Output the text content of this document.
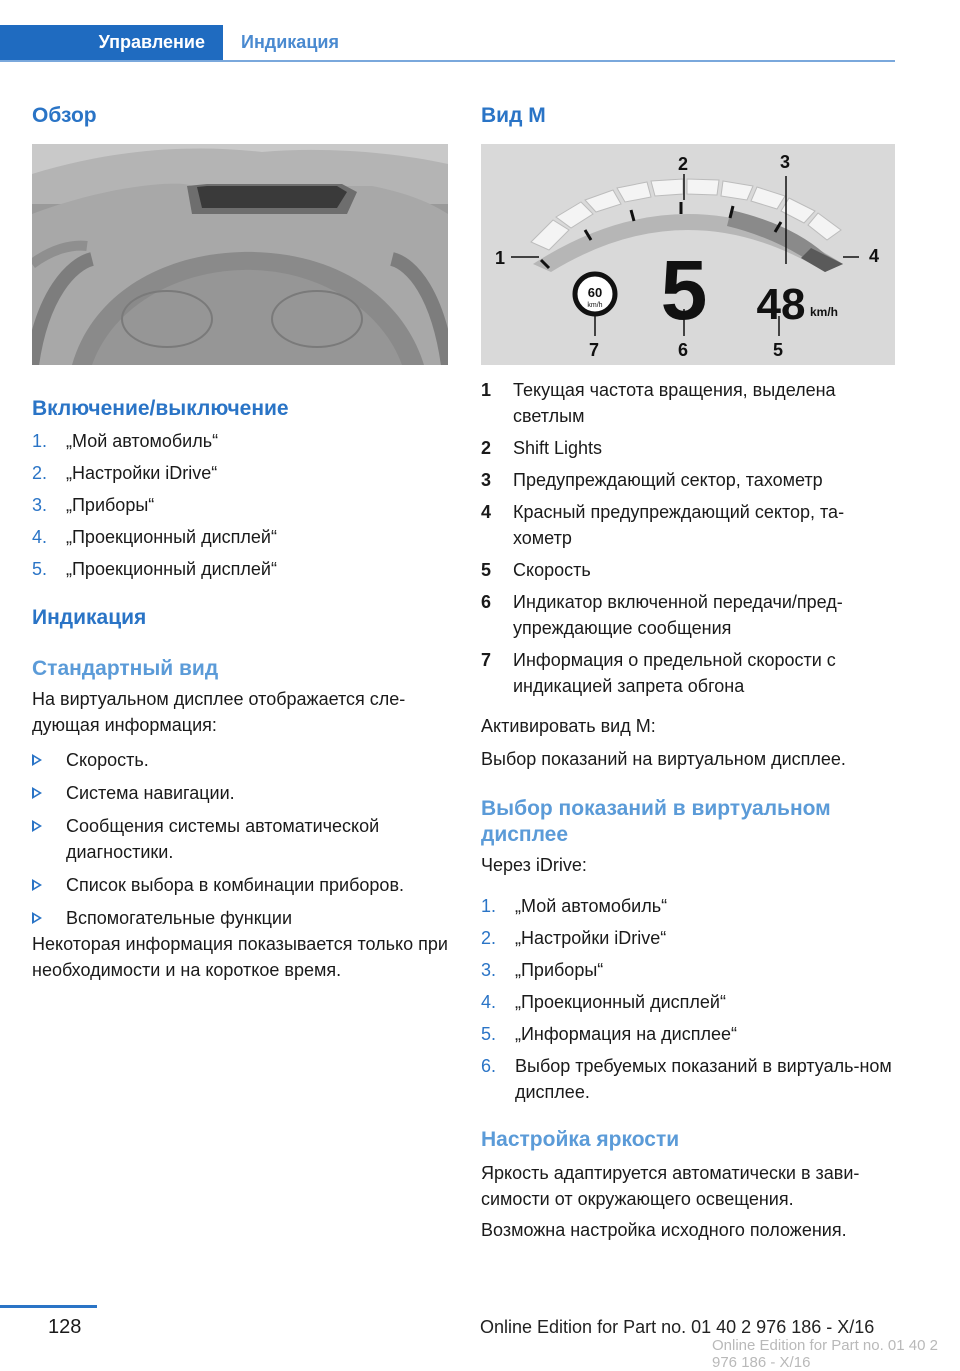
Управление	Индикация
Обзор
Включение/выключение
1. „Мой автомобиль“
2. „Настройки iDrive“
3. „Приборы“
4. „Проекционный дисплей“
5. „Проекционный дисплей“
Индикация
Стандартный вид

На виртуальном дисплее отображается сле-дующая информация:

Скорость.
Система навигации.
Сообщения системы автоматической диагностики.
Список выбора в комбинации приборов.
Вспомогательные функции

Некоторая информация показывается только при необходимости и на короткое время.

Вид M
60
km/h 5 48 km/h
1
2	3
4
5
6
7
1 Текущая частота вращения, выделена светлым
2 Shift Lights
3 Предупреждающий сектор, тахометр
4 Красный предупреждающий сектор, та-хометр
5 Скорость
6 Индикатор включенной передачи/пред-упреждающие сообщения
7 Информация о предельной скорости с индикацией запрета обгона

Активировать вид M:

Выбор показаний на виртуальном дисплее.

Выбор показаний в виртуальном дисплее

Через iDrive:

1. „Мой автомобиль“
2. „Настройки iDrive“
3. „Приборы“
4. „Проекционный дисплей“
5. „Информация на дисплее“
6. Выбор требуемых показаний в виртуаль-ном дисплее.
Настройка яркости

Яркость адаптируется автоматически в зави-симости от окружающего освещения.

Возможна настройка исходного положения.

128	Online Edition for Part no. 01 40 2 976 186 - X/16
Online Edition for Part no. 01 40 2 976 186 - X/16
